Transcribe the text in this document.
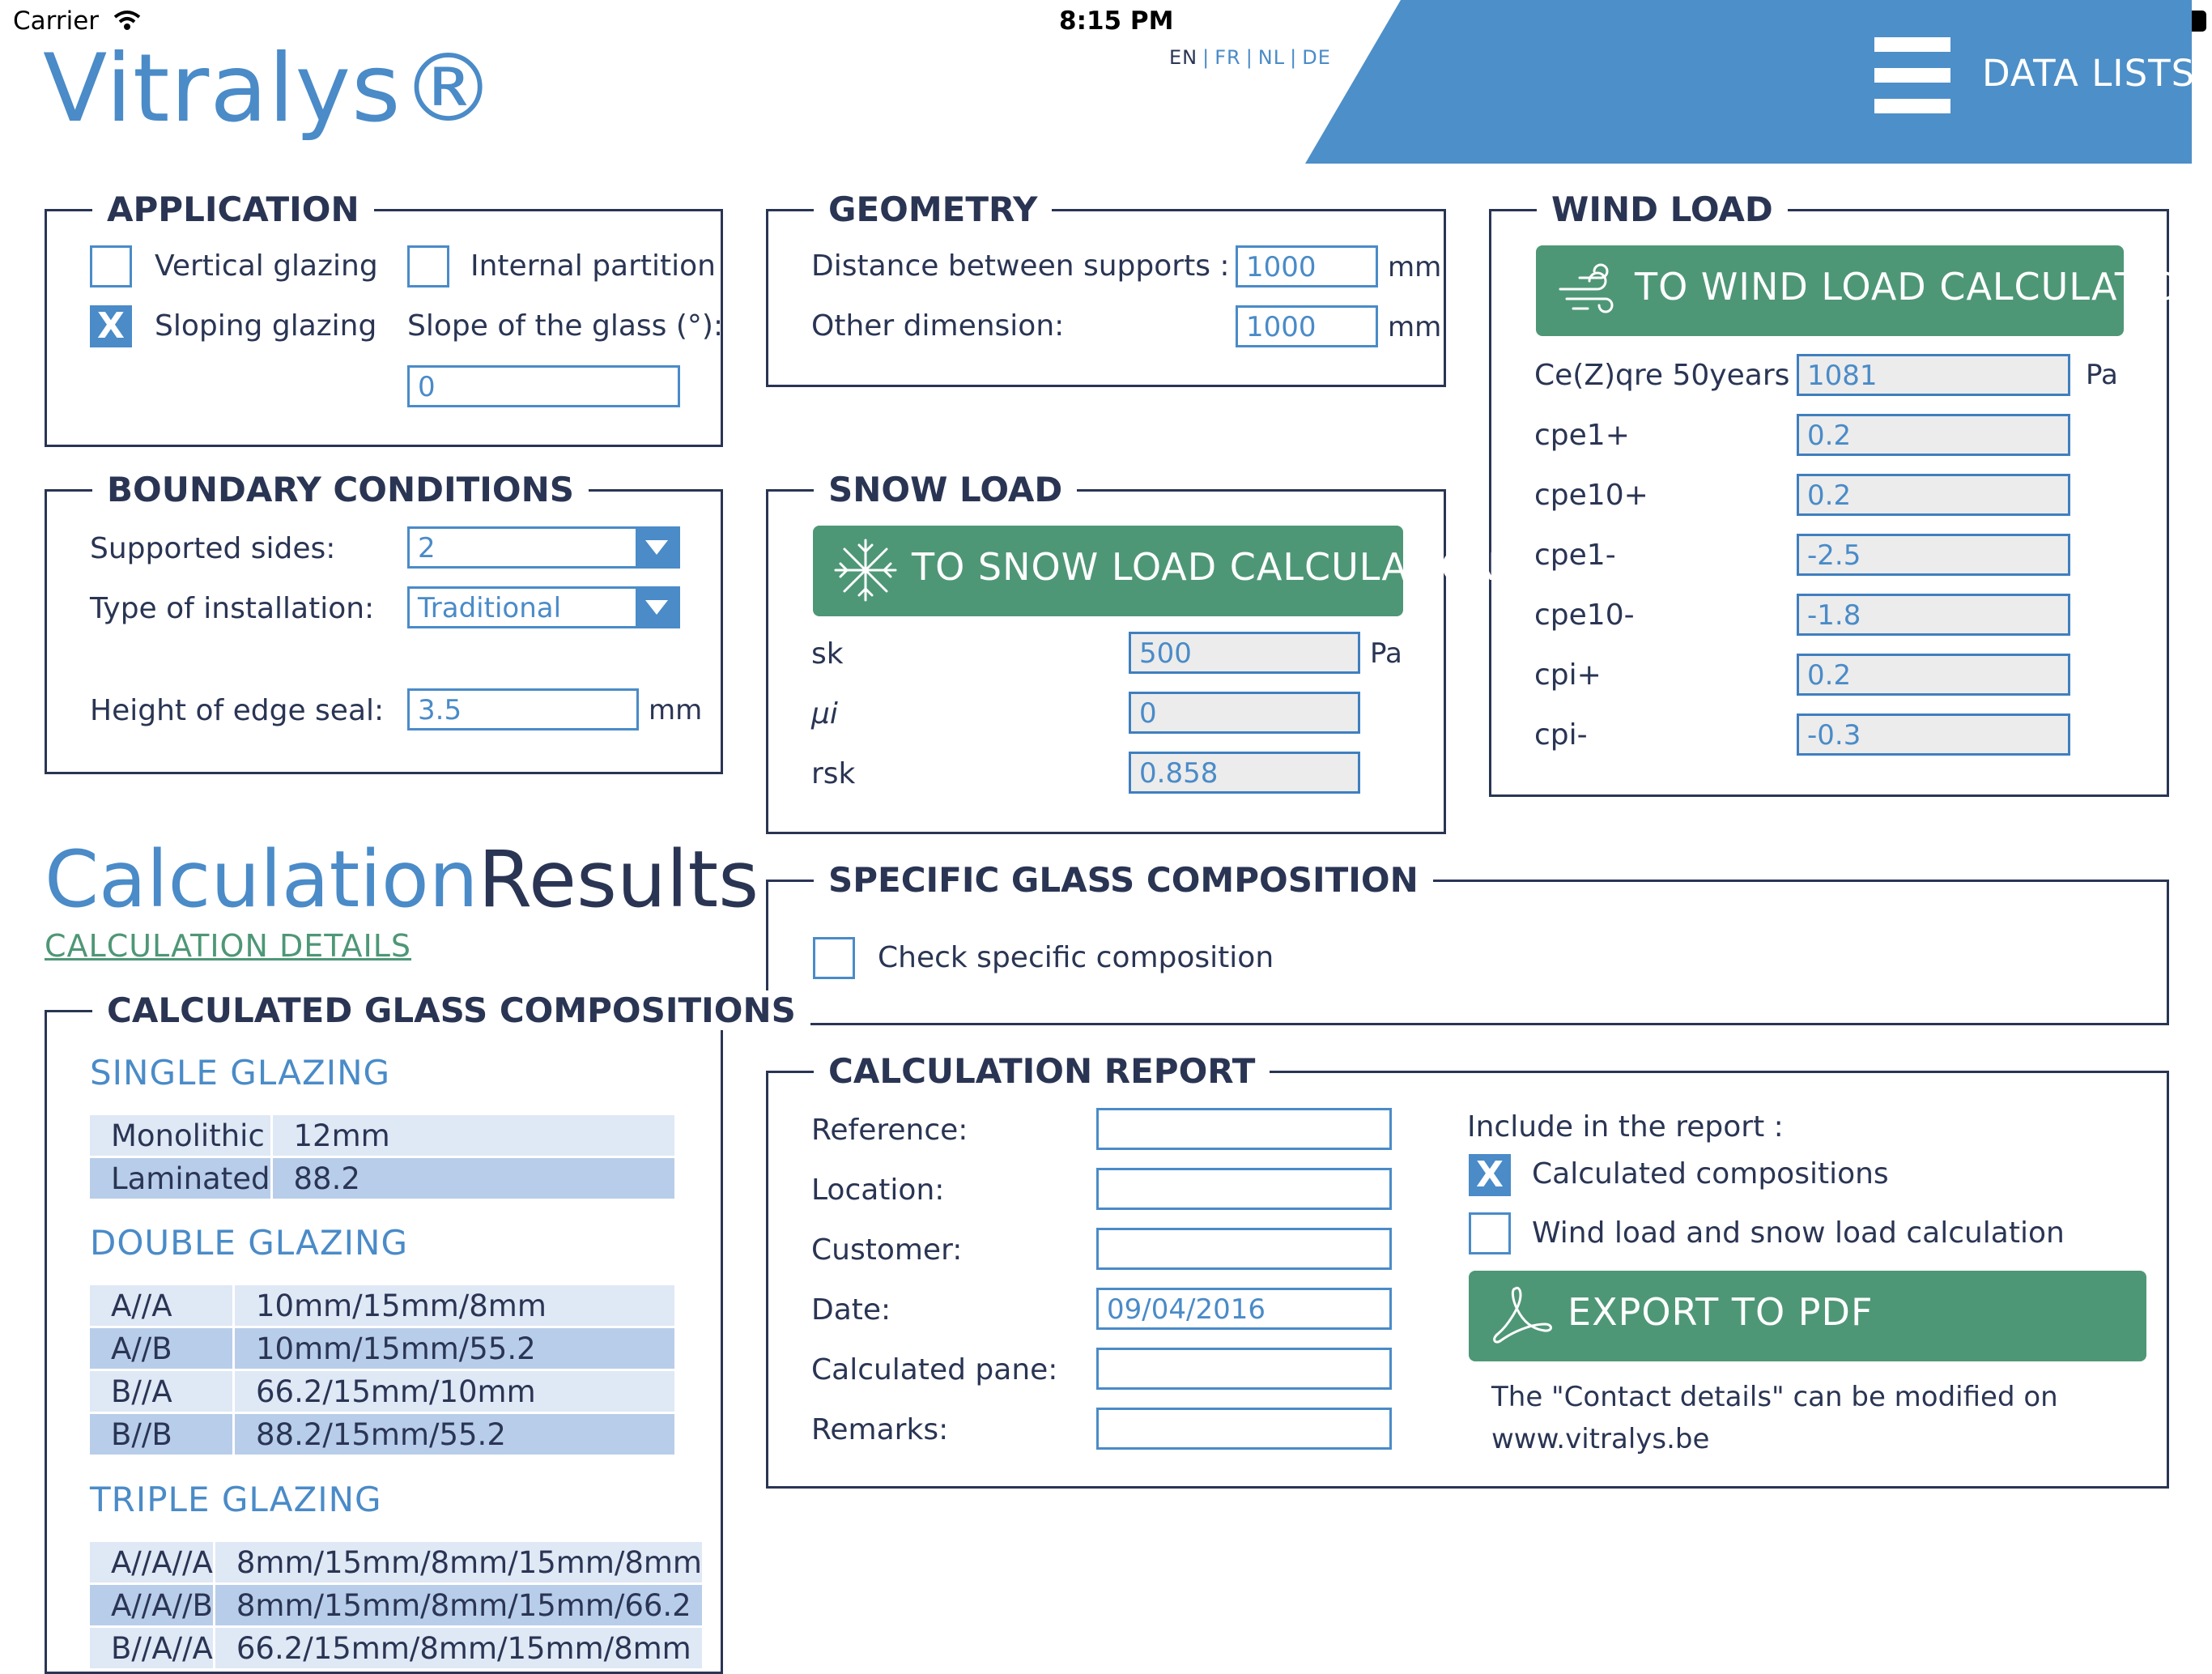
Carrier	8:15 PM
Vitralys®	EN | FR | NL | DE	DATA LISTS
APPLICATION
Vertical glazing	Internal partition
X Sloping glazing Slope of the glass (°):
0
GEOMETRY
Distance between supports : 1000	mm
Other dimension:	1000	mm
WIND LOAD
TO WIND LOAD CALCULATION
Ce(Z)qre 50years 1081	Pa
cpe1+	0.2
cpe10+	0.2
cpe1-	-2.5
cpe10-	-1.8
cpi+	0.2
cpi-	-0.3
BOUNDARY CONDITIONS
Supported sides:	2
Type of installation:	Traditional
Height of edge seal:	3.5	mm
SNOW LOAD
TO SNOW LOAD CALCULATION
sk	500	Pa
μi	0
rsk	0.858
CalculationResults
CALCULATION DETAILS
SPECIFIC GLASS COMPOSITION
Check specific composition
CALCULATED GLASS COMPOSITIONS
SINGLE GLAZING
Monolithic	12mm
Laminated	88.2
DOUBLE GLAZING
A//A	10mm/15mm/8mm
A//B	10mm/15mm/55.2
B//A	66.2/15mm/10mm
B//B	88.2/15mm/55.2
TRIPLE GLAZING
A//A//A	8mm/15mm/8mm/15mm/8mm
A//A//B	8mm/15mm/8mm/15mm/66.2
B//A//A	66.2/15mm/8mm/15mm/8mm
CALCULATION REPORT
Reference:
Location:
Customer:
Date:	09/04/2016
Calculated pane:
Remarks:
Include in the report :
X Calculated compositions
Wind load and snow load calculation
EXPORT TO PDF
The "Contact details" can be modified on
www.vitralys.be
